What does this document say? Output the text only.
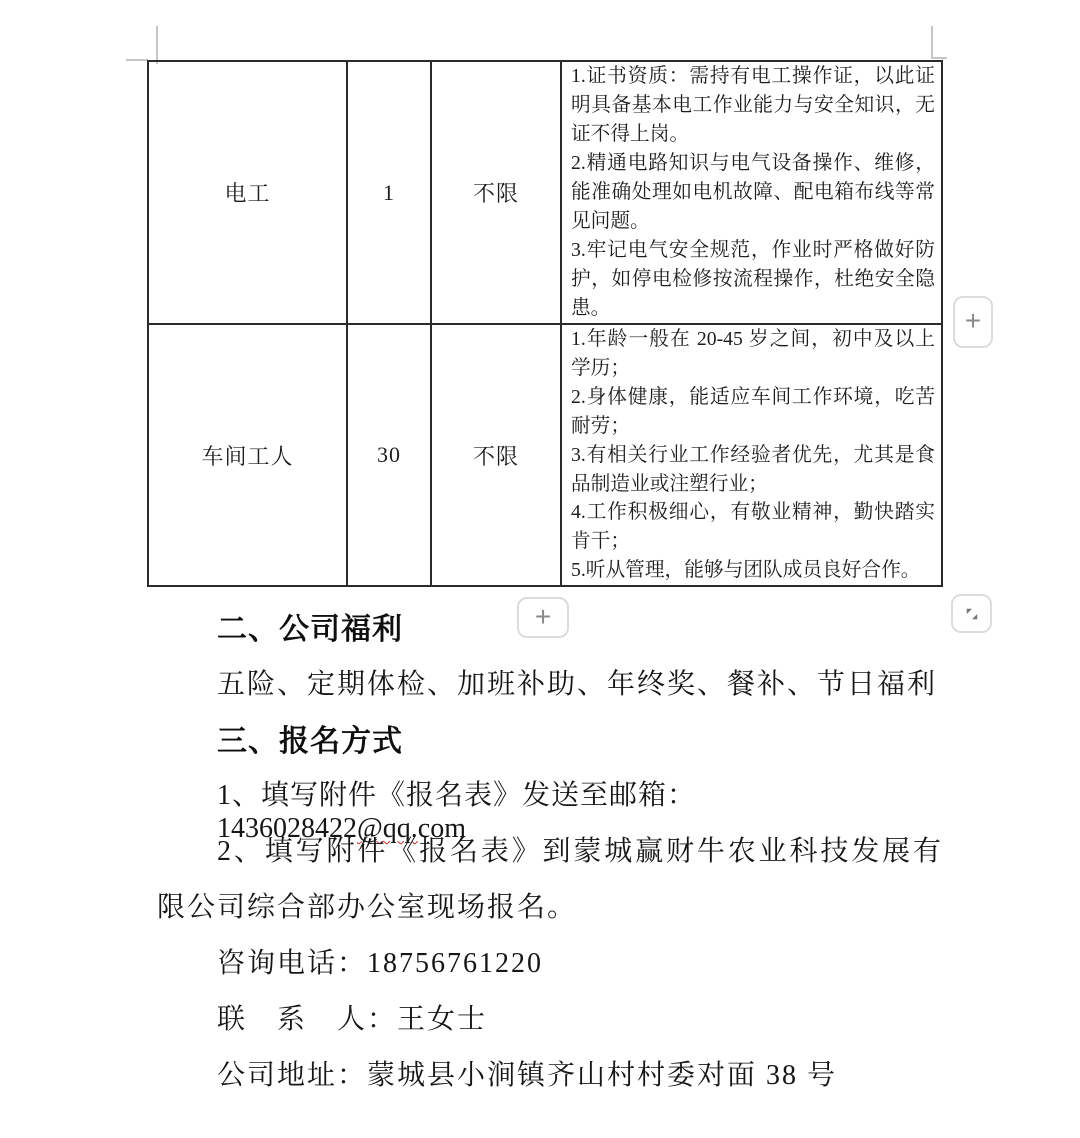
电工	1	不限	1.证书资质：需持有电工操作证，以此证明具备基本电工作业能力与安全知识，无证不得上岗。
2.精通电路知识与电气设备操作、维修，能准确处理如电机故障、配电箱布线等常见问题。
3.牢记电气安全规范，作业时严格做好防护，如停电检修按流程操作，杜绝安全隐患。

车间工人	30	不限	1.年龄一般在 20-45 岁之间，初中及以上学历；
2.身体健康，能适应车间工作环境，吃苦耐劳；
3.有相关行业工作经验者优先，尤其是食品制造业或注塑行业；
4.工作积极细心，有敬业精神，勤快踏实肯干；
5.听从管理，能够与团队成员良好合作。
+
+
二、公司福利
五险、定期体检、加班补助、年终奖、餐补、节日福利
三、报名方式
1、填写附件《报名表》发送至邮箱：1436028422@qq.com
2、填写附件《报名表》到蒙城赢财牛农业科技发展有
限公司综合部办公室现场报名。
咨询电话：18756761220
联　系　人：王女士
公司地址：蒙城县小涧镇齐山村村委对面 38 号
